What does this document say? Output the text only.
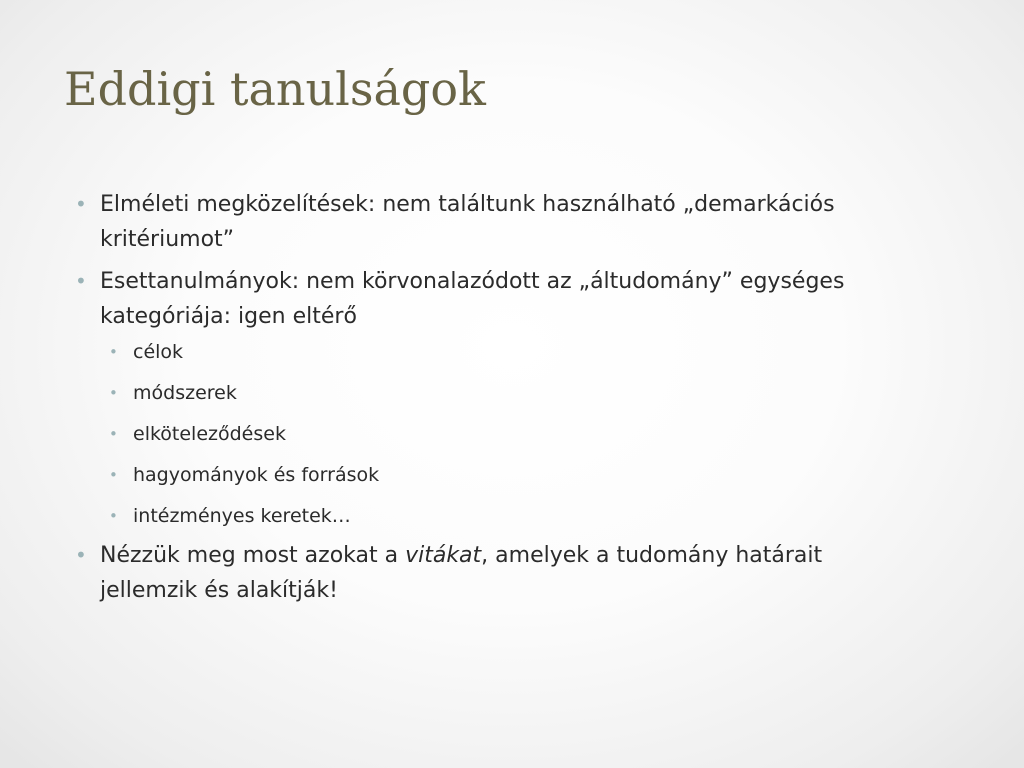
Eddigi tanulságok
• Elméleti megközelítések: nem találtunk használható „demarkációs kritériumot”
• Esettanulmányok: nem körvonalazódott az „áltudomány” egységes kategóriája: igen eltérő
• célok
• módszerek
• elköteleződések
• hagyományok és források
• intézményes keretek…
• Nézzük meg most azokat a vitákat, amelyek a tudomány határait jellemzik és alakítják!
